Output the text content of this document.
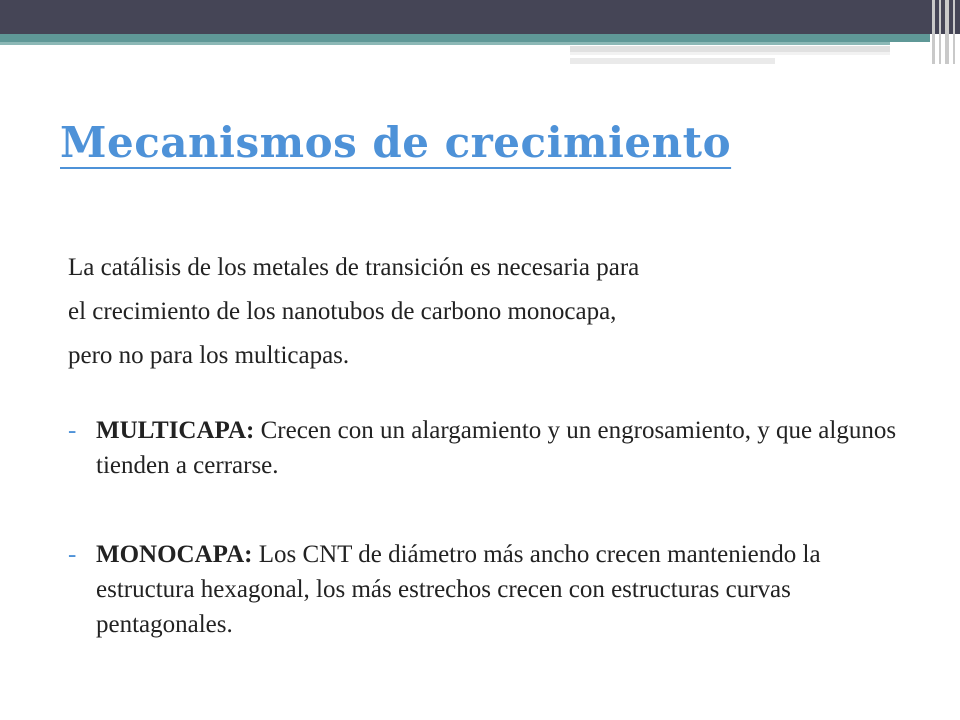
Mecanismos de crecimiento

La catálisis de los metales de transición es necesaria para
el crecimiento de los nanotubos de carbono monocapa,
pero no para los multicapas.

- MULTICAPA: Crecen con un alargamiento y un engrosamiento, y que algunos tienden a cerrarse.
- MONOCAPA: Los CNT de diámetro más ancho crecen manteniendo la estructura hexagonal, los más estrechos crecen con estructuras curvas pentagonales.
